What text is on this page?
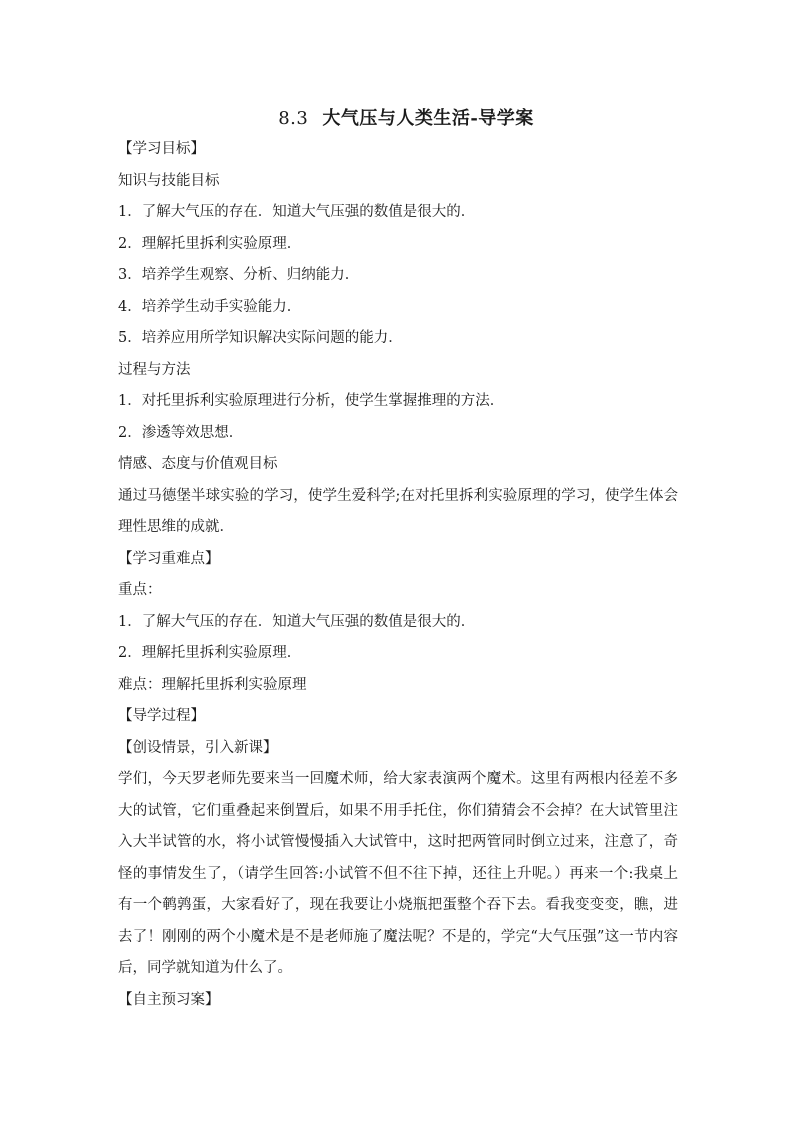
8.3 大气压与人类生活-导学案
【学习目标】
知识与技能目标
1．了解大气压的存在．知道大气压强的数值是很大的．
2．理解托里拆利实验原理．
3．培养学生观察、分析、归纳能力．
4．培养学生动手实验能力．
5．培养应用所学知识解决实际问题的能力．
过程与方法
1．对托里拆利实验原理进行分析，使学生掌握推理的方法．
2．渗透等效思想．
情感、态度与价值观目标
通过马德堡半球实验的学习，使学生爱科学;在对托里拆利实验原理的学习，使学生体会理性思维的成就．
【学习重难点】
重点：
1．了解大气压的存在．知道大气压强的数值是很大的．
2．理解托里拆利实验原理．
难点：理解托里拆利实验原理
【导学过程】
【创设情景，引入新课】
学们，今天罗老师先要来当一回魔术师，给大家表演两个魔术。这里有两根内径差不多大的试管，它们重叠起来倒置后，如果不用手托住，你们猜猜会不会掉？在大试管里注入大半试管的水，将小试管慢慢插入大试管中，这时把两管同时倒立过来，注意了，奇怪的事情发生了，（请学生回答:小试管不但不往下掉，还往上升呢。）再来一个:我桌上有一个鹌鹑蛋，大家看好了，现在我要让小烧瓶把蛋整个吞下去。看我变变变，瞧，进去了！刚刚的两个小魔术是不是老师施了魔法呢？不是的，学完“大气压强”这一节内容后，同学就知道为什么了。
【自主预习案】
